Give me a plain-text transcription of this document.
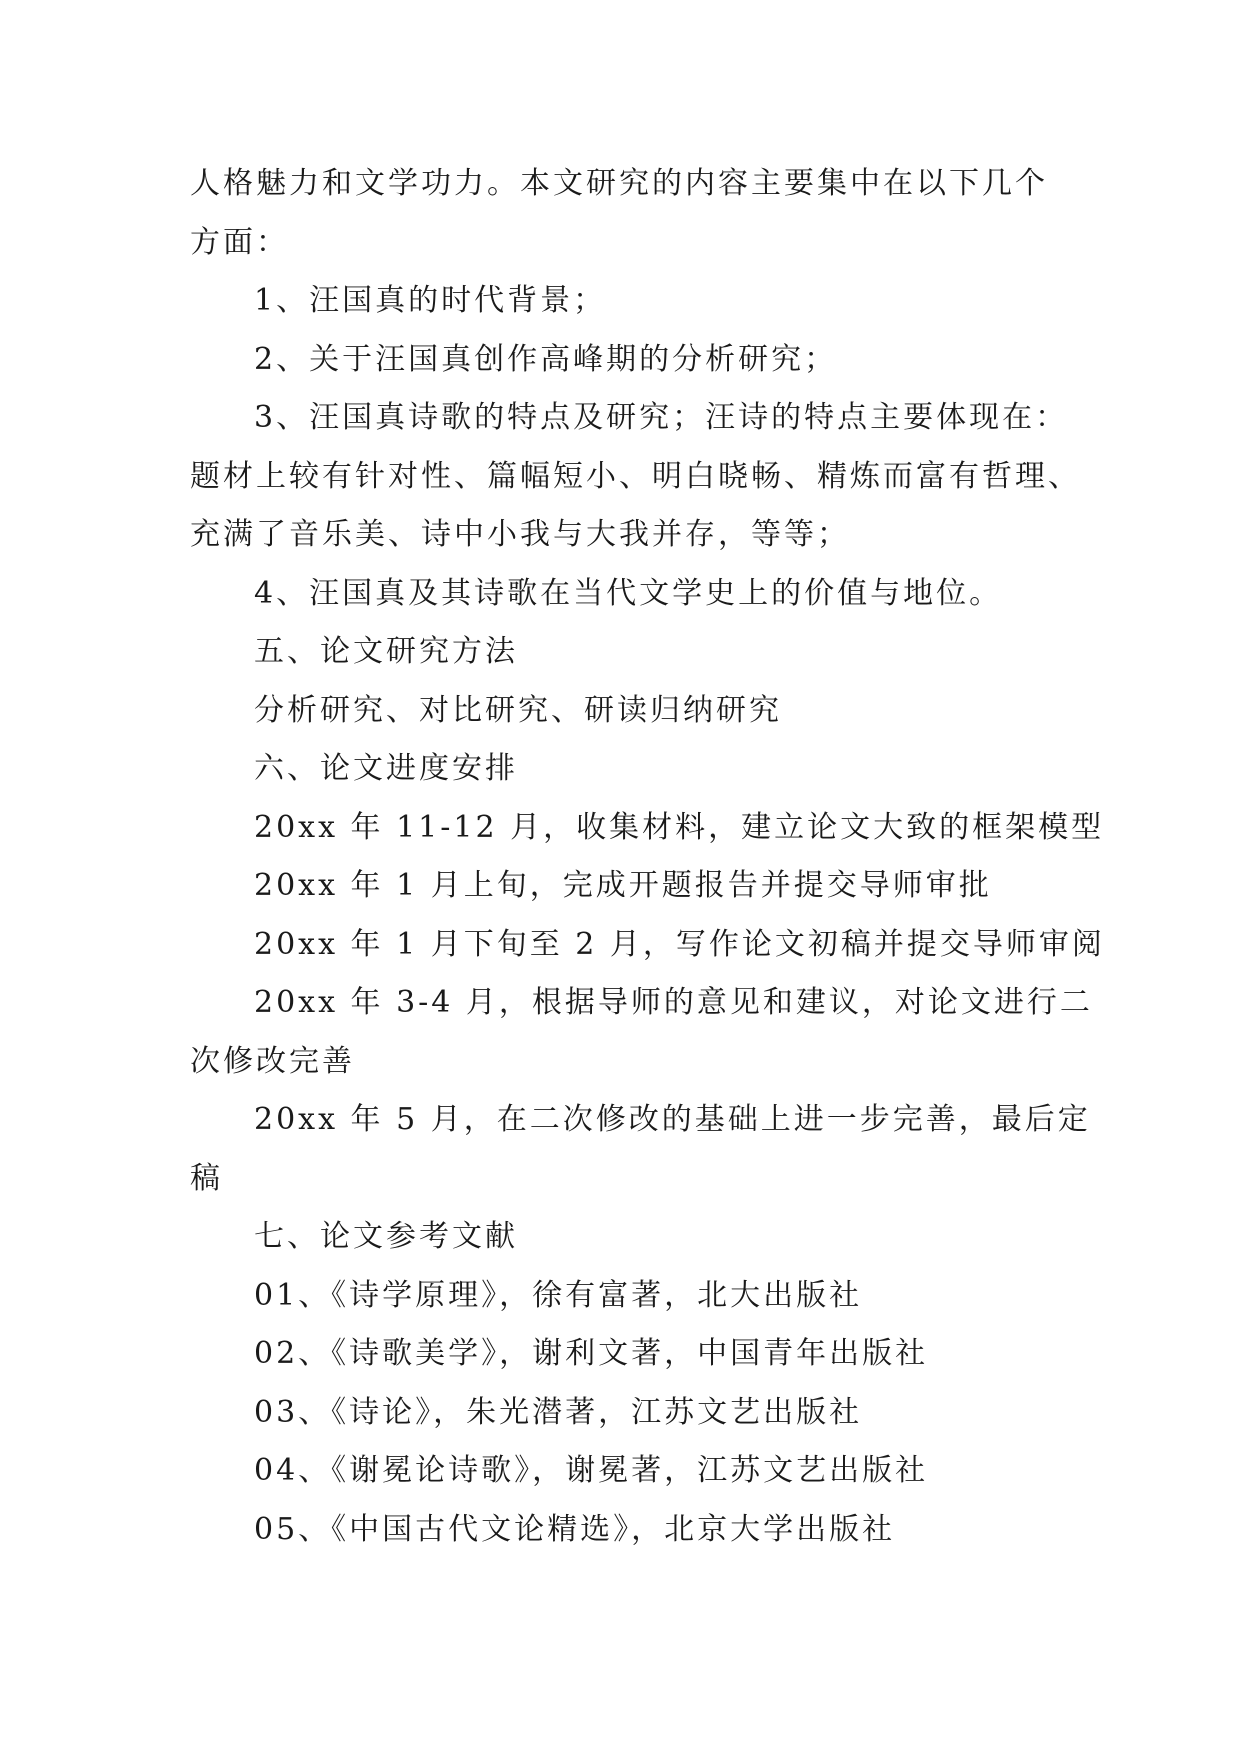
人格魅力和文学功力。本文研究的内容主要集中在以下几个
方面：
1、汪国真的时代背景；
2、关于汪国真创作高峰期的分析研究；
3、汪国真诗歌的特点及研究；汪诗的特点主要体现在：
题材上较有针对性、篇幅短小、明白晓畅、精炼而富有哲理、
充满了音乐美、诗中小我与大我并存，等等；
4、汪国真及其诗歌在当代文学史上的价值与地位。
五、论文研究方法
分析研究、对比研究、研读归纳研究
六、论文进度安排
20xx 年 11-12 月，收集材料，建立论文大致的框架模型
20xx 年 1 月上旬，完成开题报告并提交导师审批
20xx 年 1 月下旬至 2 月，写作论文初稿并提交导师审阅
20xx 年 3-4 月，根据导师的意见和建议，对论文进行二
次修改完善
20xx 年 5 月，在二次修改的基础上进一步完善，最后定
稿
七、论文参考文献
01、《诗学原理》，徐有富著，北大出版社
02、《诗歌美学》，谢利文著，中国青年出版社
03、《诗论》，朱光潜著，江苏文艺出版社
04、《谢冕论诗歌》，谢冕著，江苏文艺出版社
05、《中国古代文论精选》，北京大学出版社
